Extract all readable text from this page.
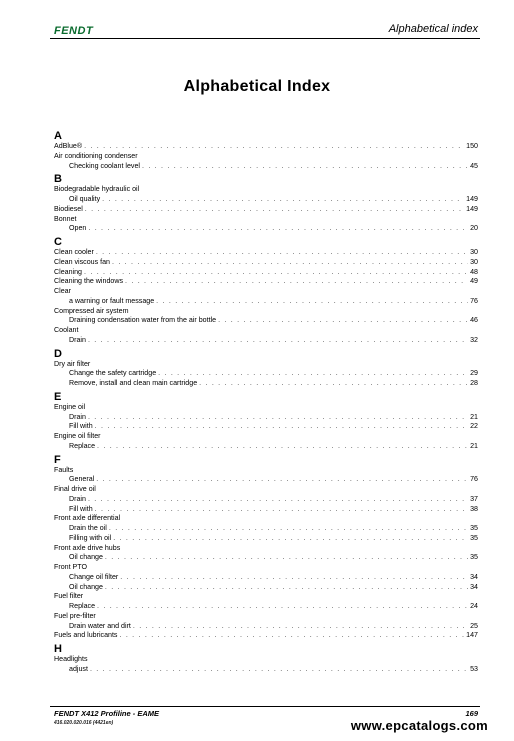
FENDT	Alphabetical index
Alphabetical Index
A
AdBlue® . . .	150
Air conditioning condenser
Checking coolant level . . .	45
B
Biodegradable hydraulic oil
Oil quality . . .	149
Biodiesel . . .	149
Bonnet
Open . . .	20
C
Clean cooler . . .	30
Clean viscous fan . . .	30
Cleaning . . .	48
Cleaning the windows . . .	49
Clear
a warning or fault message . . .	76
Compressed air system
Draining condensation water from the air bottle . . .	46
Coolant
Drain . . .	32
D
Dry air filter
Change the safety cartridge . . .	29
Remove, install and clean main cartridge . . .	28
E
Engine oil
Drain . . .	21
Fill with . . .	22
Engine oil filter
Replace . . .	21
F
Faults
General . . .	76
Final drive oil
Drain . . .	37
Fill with . . .	38
Front axle differential
Drain the oil . . .	35
Filling with oil . . .	35
Front axle drive hubs
Oil change . . .	35
Front PTO
Change oil filter . . .	34
Oil change . . .	34
Fuel filter
Replace . . .	24
Fuel pre-filter
Drain water and dirt . . .	25
Fuels and lubricants . . .	147
H
Headlights
adjust . . .	53
FENDT X412 Profiline - EAME
416.020.020.016 (4421en)
169
www.epcatalogs.com
